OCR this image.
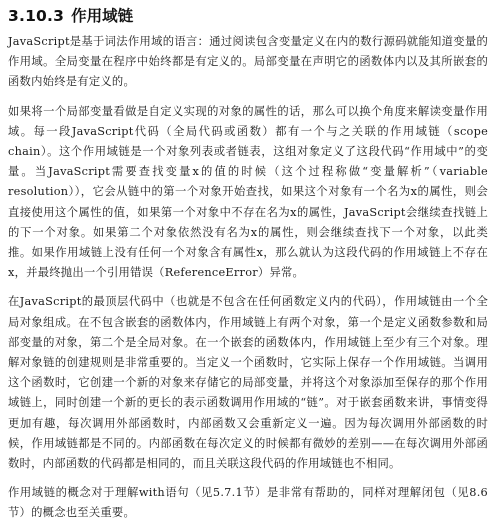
3.10.3 作用域链

JavaScript是基于词法作用域的语言：通过阅读包含变量定义在内的数行源码就能知道变量的作用域。全局变量在程序中始终都是有定义的。局部变量在声明它的函数体内以及其所嵌套的函数内始终是有定义的。

如果将一个局部变量看做是自定义实现的对象的属性的话，那么可以换个角度来解读变量作用域。每一段JavaScript代码（全局代码或函数）都有一个与之关联的作用域链（scope chain）。这个作用域链是一个对象列表或者链表，这组对象定义了这段代码“作用域中”的变量。当JavaScript需要查找变量x的值的时候（这个过程称做“变量解析”（variable resolution）），它会从链中的第一个对象开始查找，如果这个对象有一个名为x的属性，则会直接使用这个属性的值，如果第一个对象中不存在名为x的属性，JavaScript会继续查找链上的下一个对象。如果第二个对象依然没有名为x的属性，则会继续查找下一个对象，以此类推。如果作用域链上没有任何一个对象含有属性x，那么就认为这段代码的作用域链上不存在x，并最终抛出一个引用错误（ReferenceError）异常。

在JavaScript的最顶层代码中（也就是不包含在任何函数定义内的代码），作用域链由一个全局对象组成。在不包含嵌套的函数体内，作用域链上有两个对象，第一个是定义函数参数和局部变量的对象，第二个是全局对象。在一个嵌套的函数体内，作用域链上至少有三个对象。理解对象链的创建规则是非常重要的。当定义一个函数时，它实际上保存一个作用域链。当调用这个函数时，它创建一个新的对象来存储它的局部变量，并将这个对象添加至保存的那个作用域链上，同时创建一个新的更长的表示函数调用作用域的“链”。对于嵌套函数来讲，事情变得更加有趣，每次调用外部函数时，内部函数又会重新定义一遍。因为每次调用外部函数的时候，作用域链都是不同的。内部函数在每次定义的时候都有微妙的差别——在每次调用外部函数时，内部函数的代码都是相同的，而且关联这段代码的作用域链也不相同。

作用域链的概念对于理解with语句（见5.7.1节）是非常有帮助的，同样对理解闭包（见8.6节）的概念也至关重要。
